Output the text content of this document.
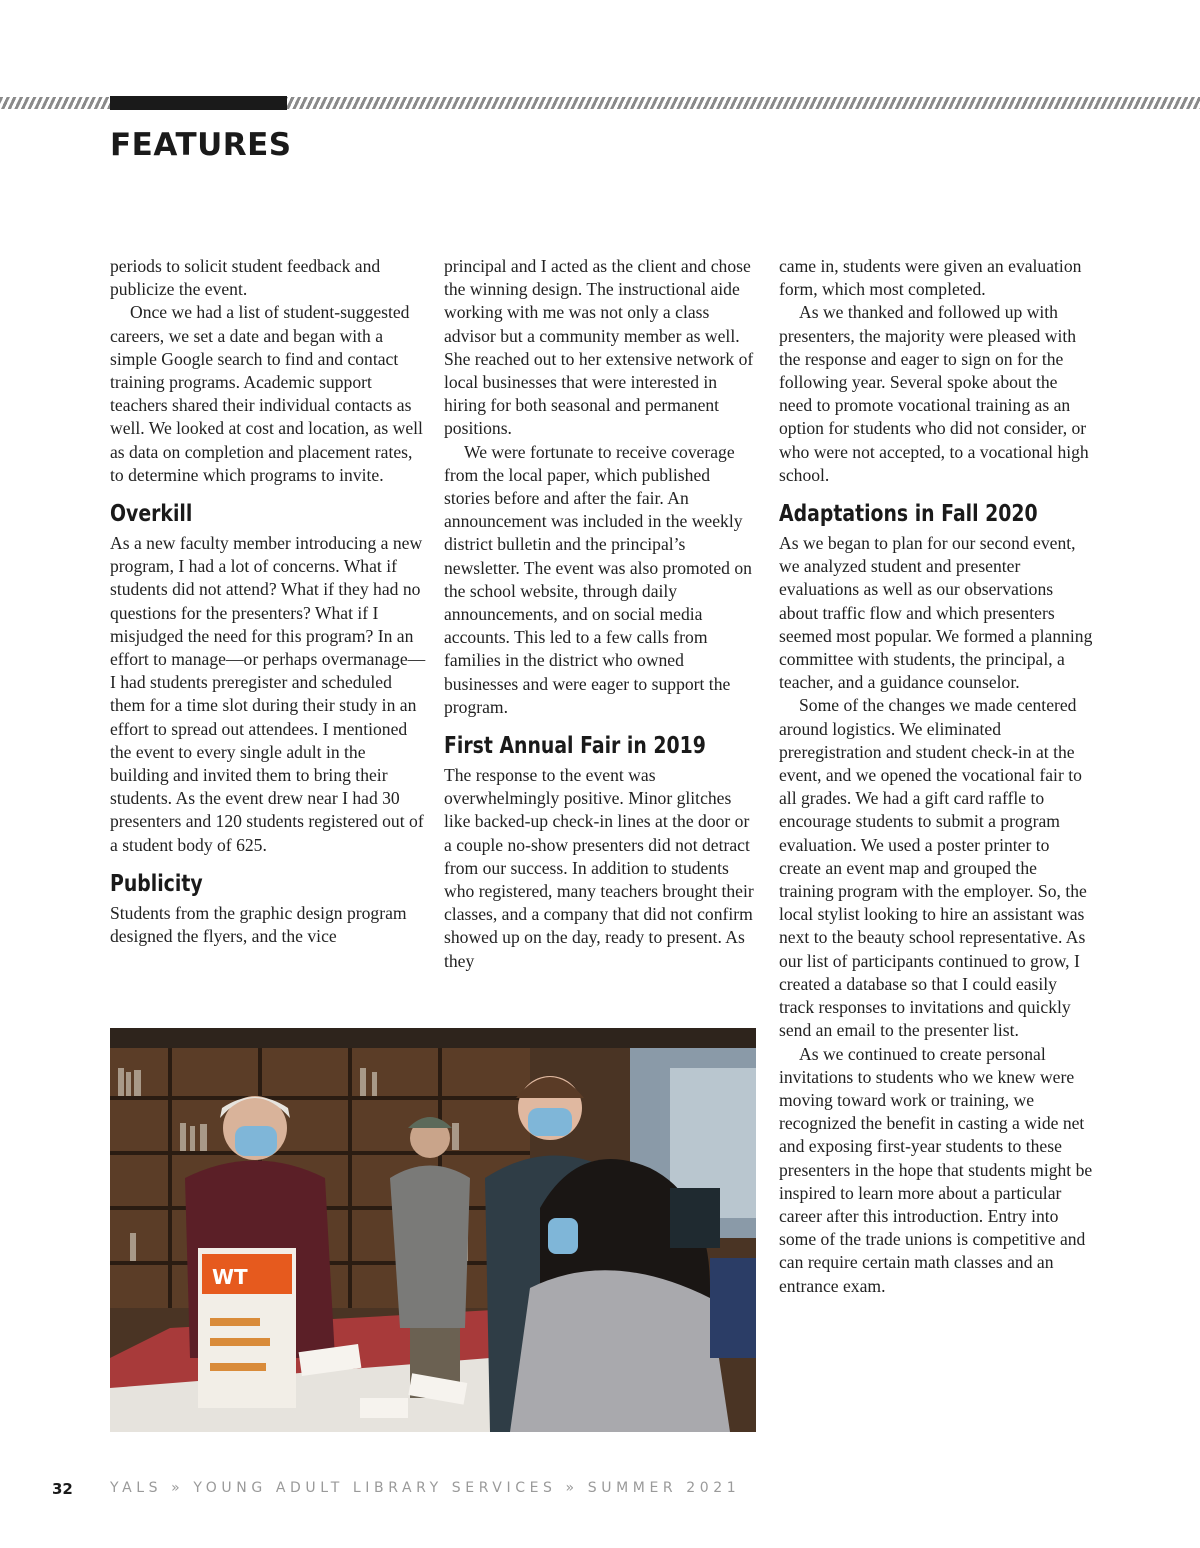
FEATURES

periods to solicit student feedback and publicize the event.

Once we had a list of student-suggested careers, we set a date and began with a simple Google search to find and contact training programs. Academic support teachers shared their individual contacts as well. We looked at cost and location, as well as data on completion and placement rates, to determine which programs to invite.

Overkill

As a new faculty member introducing a new program, I had a lot of concerns. What if students did not attend? What if they had no questions for the presenters? What if I misjudged the need for this program? In an effort to manage—or perhaps overmanage—I had students preregister and scheduled them for a time slot during their study in an effort to spread out attendees. I mentioned the event to every single adult in the building and invited them to bring their students. As the event drew near I had 30 presenters and 120 students registered out of a student body of 625.

Publicity

Students from the graphic design program designed the flyers, and the vice

principal and I acted as the client and chose the winning design. The instructional aide working with me was not only a class advisor but a community member as well. She reached out to her extensive network of local businesses that were interested in hiring for both seasonal and permanent positions.

We were fortunate to receive coverage from the local paper, which published stories before and after the fair. An announcement was included in the weekly district bulletin and the principal’s newsletter. The event was also promoted on the school website, through daily announcements, and on social media accounts. This led to a few calls from families in the district who owned businesses and were eager to support the program.

First Annual Fair in 2019

The response to the event was overwhelmingly positive. Minor glitches like backed-up check-in lines at the door or a couple no-show presenters did not detract from our success. In addition to students who registered, many teachers brought their classes, and a company that did not confirm showed up on the day, ready to present. As they

came in, students were given an evaluation form, which most completed.

As we thanked and followed up with presenters, the majority were pleased with the response and eager to sign on for the following year. Several spoke about the need to promote vocational training as an option for students who did not consider, or who were not accepted, to a vocational high school.

Adaptations in Fall 2020

As we began to plan for our second event, we analyzed student and presenter evaluations as well as our observations about traffic flow and which presenters seemed most popular. We formed a planning committee with students, the principal, a teacher, and a guidance counselor.

Some of the changes we made centered around logistics. We eliminated preregistration and student check-in at the event, and we opened the vocational fair to all grades. We had a gift card raffle to encourage students to submit a program evaluation. We used a poster printer to create an event map and grouped the training program with the employer. So, the local stylist looking to hire an assistant was next to the beauty school representative. As our list of participants continued to grow, I created a database so that I could easily track responses to invitations and quickly send an email to the presenter list.

As we continued to create personal invitations to students who we knew were moving toward work or training, we recognized the benefit in casting a wide net and exposing first-year students to these presenters in the hope that students might be inspired to learn more about a particular career after this introduction. Entry into some of the trade unions is competitive and can require certain math classes and an entrance exam.

WT
32	YALS » YOUNG ADULT LIBRARY SERVICES » SUMMER 2021
